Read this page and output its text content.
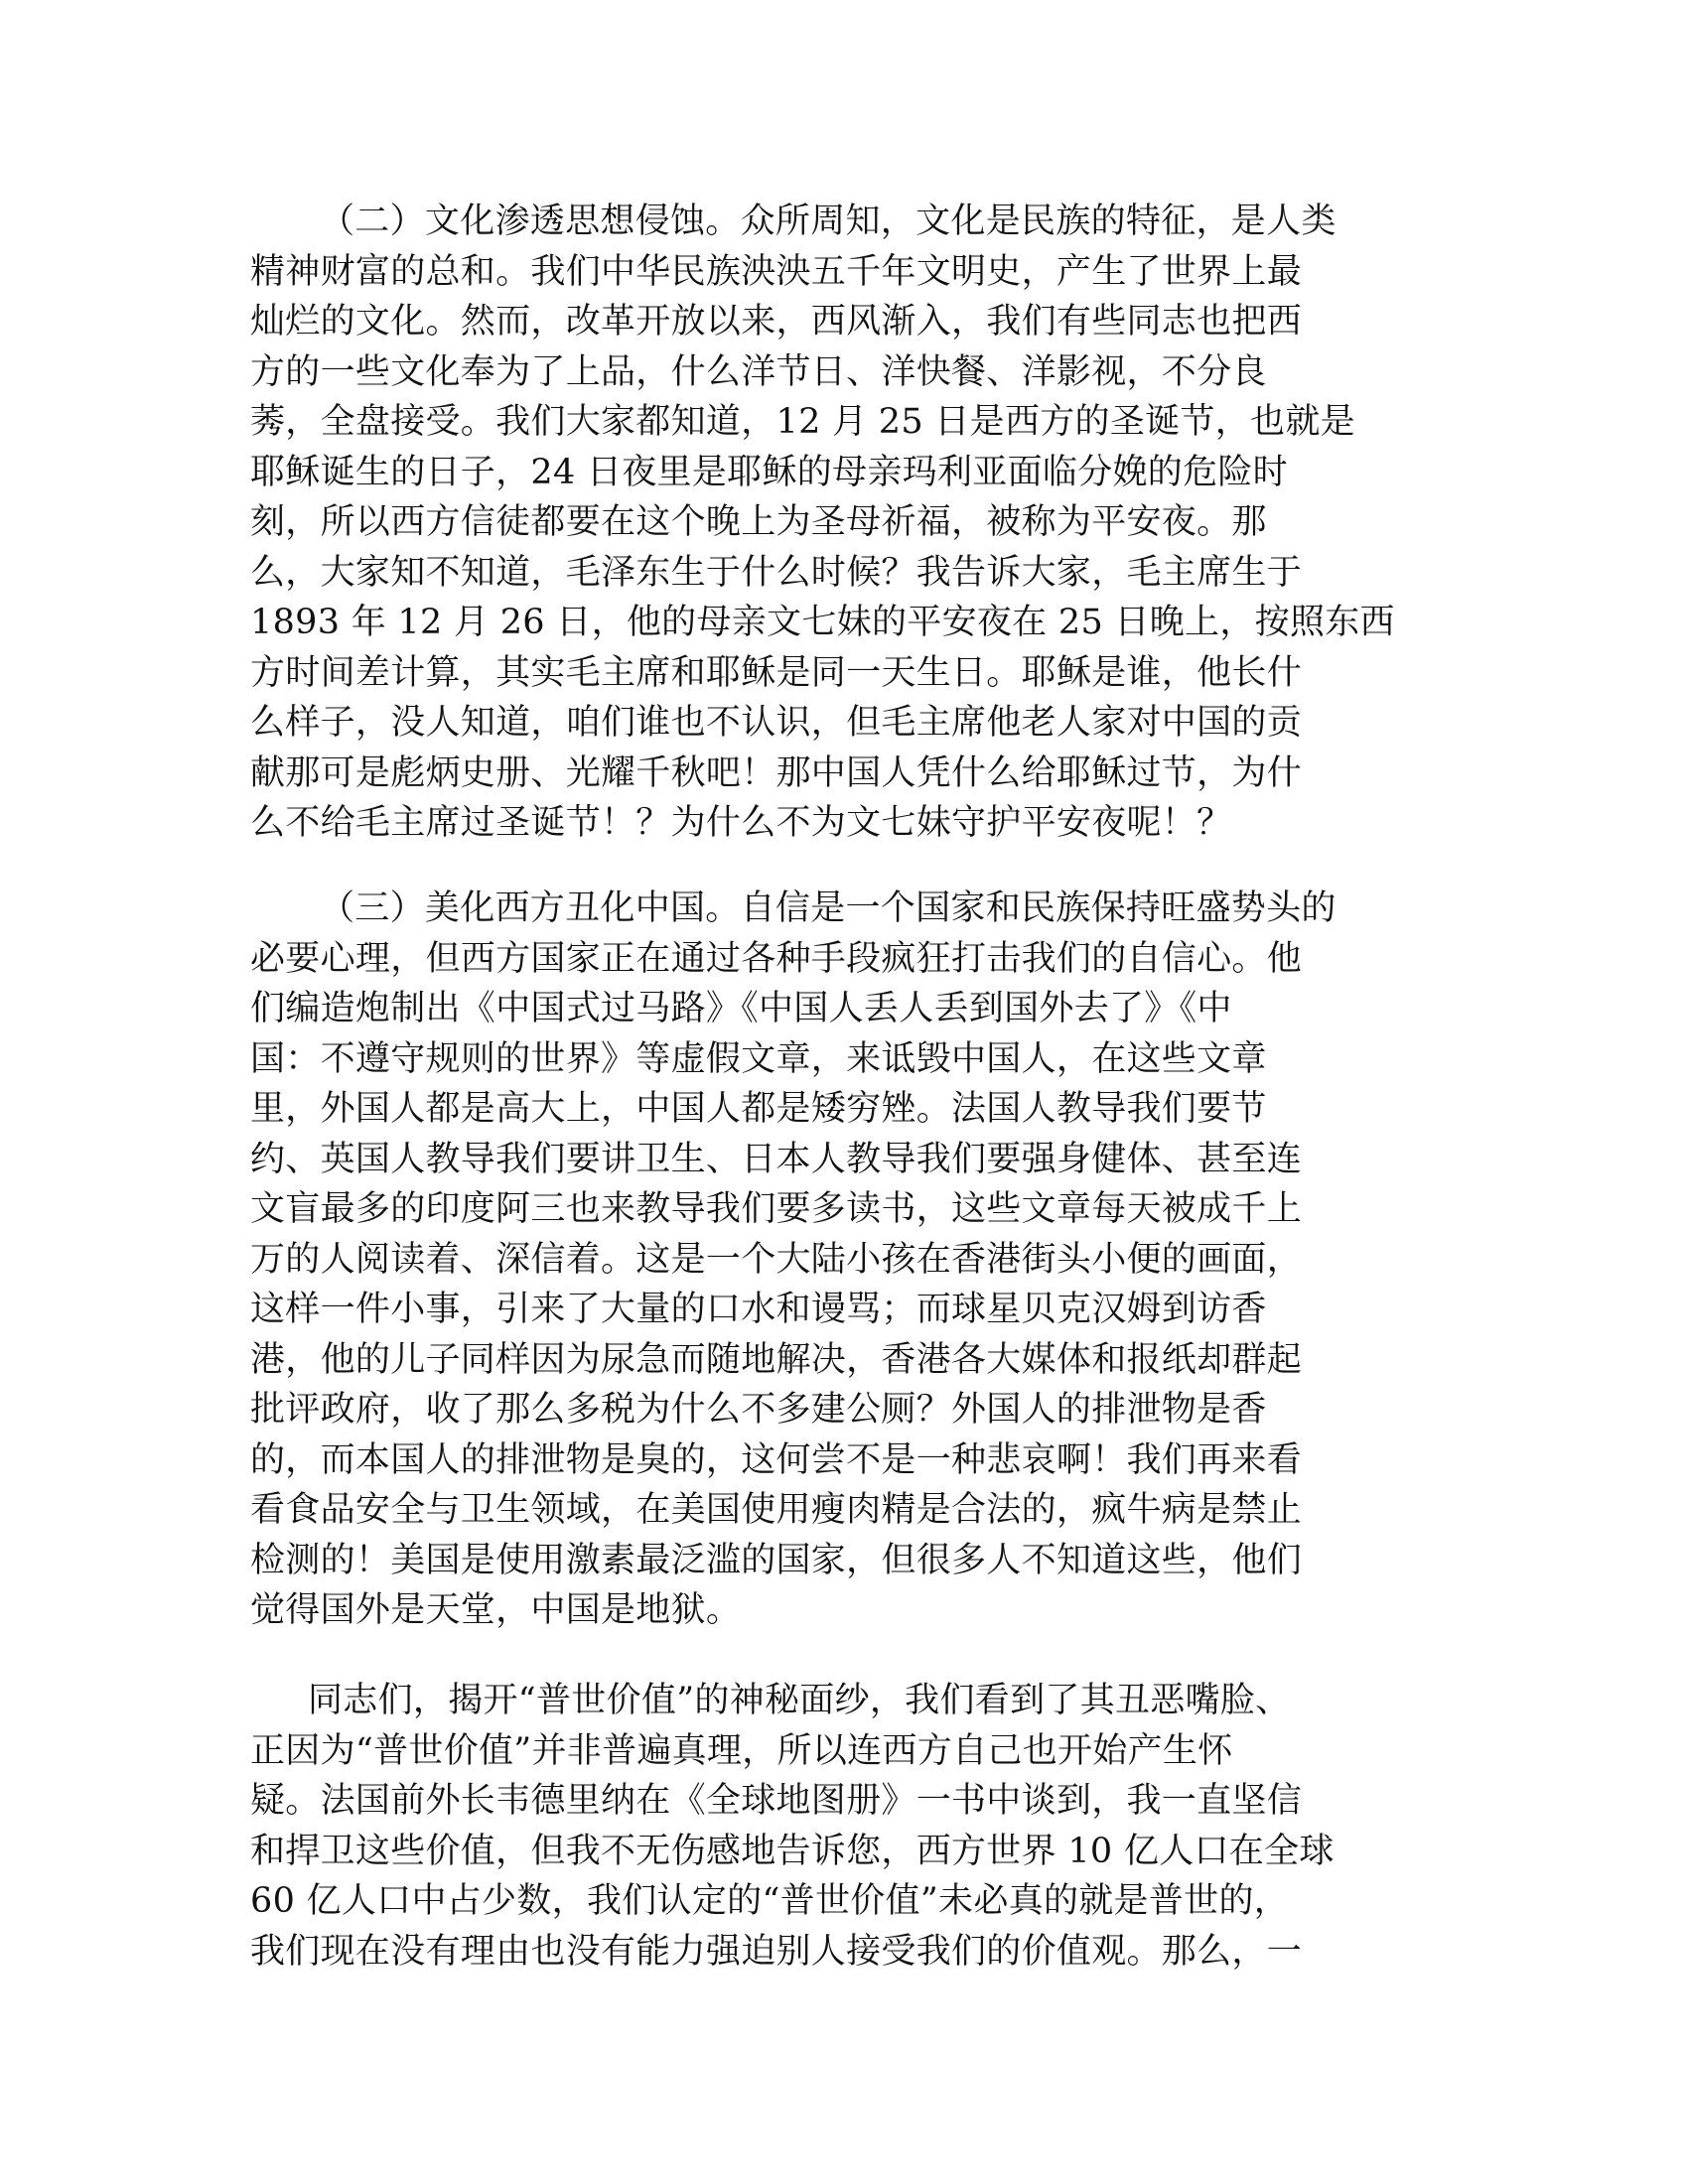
（二）文化渗透思想侵蚀。众所周知，文化是民族的特征，是人类
精神财富的总和。我们中华民族泱泱五千年文明史，产生了世界上最
灿烂的文化。然而，改革开放以来，西风渐入，我们有些同志也把西
方的一些文化奉为了上品，什么洋节日、洋快餐、洋影视，不分良
莠，全盘接受。我们大家都知道，12 月 25 日是西方的圣诞节，也就是
耶稣诞生的日子，24 日夜里是耶稣的母亲玛利亚面临分娩的危险时
刻，所以西方信徒都要在这个晚上为圣母祈福，被称为平安夜。那
么，大家知不知道，毛泽东生于什么时候？我告诉大家，毛主席生于
1893 年 12 月 26 日，他的母亲文七妹的平安夜在 25 日晚上，按照东西
方时间差计算，其实毛主席和耶稣是同一天生日。耶稣是谁，他长什
么样子，没人知道，咱们谁也不认识，但毛主席他老人家对中国的贡
献那可是彪炳史册、光耀千秋吧！那中国人凭什么给耶稣过节，为什
么不给毛主席过圣诞节！？为什么不为文七妹守护平安夜呢！？
（三）美化西方丑化中国。自信是一个国家和民族保持旺盛势头的
必要心理，但西方国家正在通过各种手段疯狂打击我们的自信心。他
们编造炮制出《中国式过马路》《中国人丢人丢到国外去了》《中
国：不遵守规则的世界》等虚假文章，来诋毁中国人，在这些文章
里，外国人都是高大上，中国人都是矮穷矬。法国人教导我们要节
约、英国人教导我们要讲卫生、日本人教导我们要强身健体、甚至连
文盲最多的印度阿三也来教导我们要多读书，这些文章每天被成千上
万的人阅读着、深信着。这是一个大陆小孩在香港街头小便的画面，
这样一件小事，引来了大量的口水和谩骂；而球星贝克汉姆到访香
港，他的儿子同样因为尿急而随地解决，香港各大媒体和报纸却群起
批评政府，收了那么多税为什么不多建公厕？外国人的排泄物是香
的，而本国人的排泄物是臭的，这何尝不是一种悲哀啊！我们再来看
看食品安全与卫生领域，在美国使用瘦肉精是合法的，疯牛病是禁止
检测的！美国是使用激素最泛滥的国家，但很多人不知道这些，他们
觉得国外是天堂，中国是地狱。
同志们，揭开“普世价值”的神秘面纱，我们看到了其丑恶嘴脸、
正因为“普世价值”并非普遍真理，所以连西方自己也开始产生怀
疑。法国前外长韦德里纳在《全球地图册》一书中谈到，我一直坚信
和捍卫这些价值，但我不无伤感地告诉您，西方世界 10 亿人口在全球
60 亿人口中占少数，我们认定的“普世价值”未必真的就是普世的，
我们现在没有理由也没有能力强迫别人接受我们的价值观。那么，一
